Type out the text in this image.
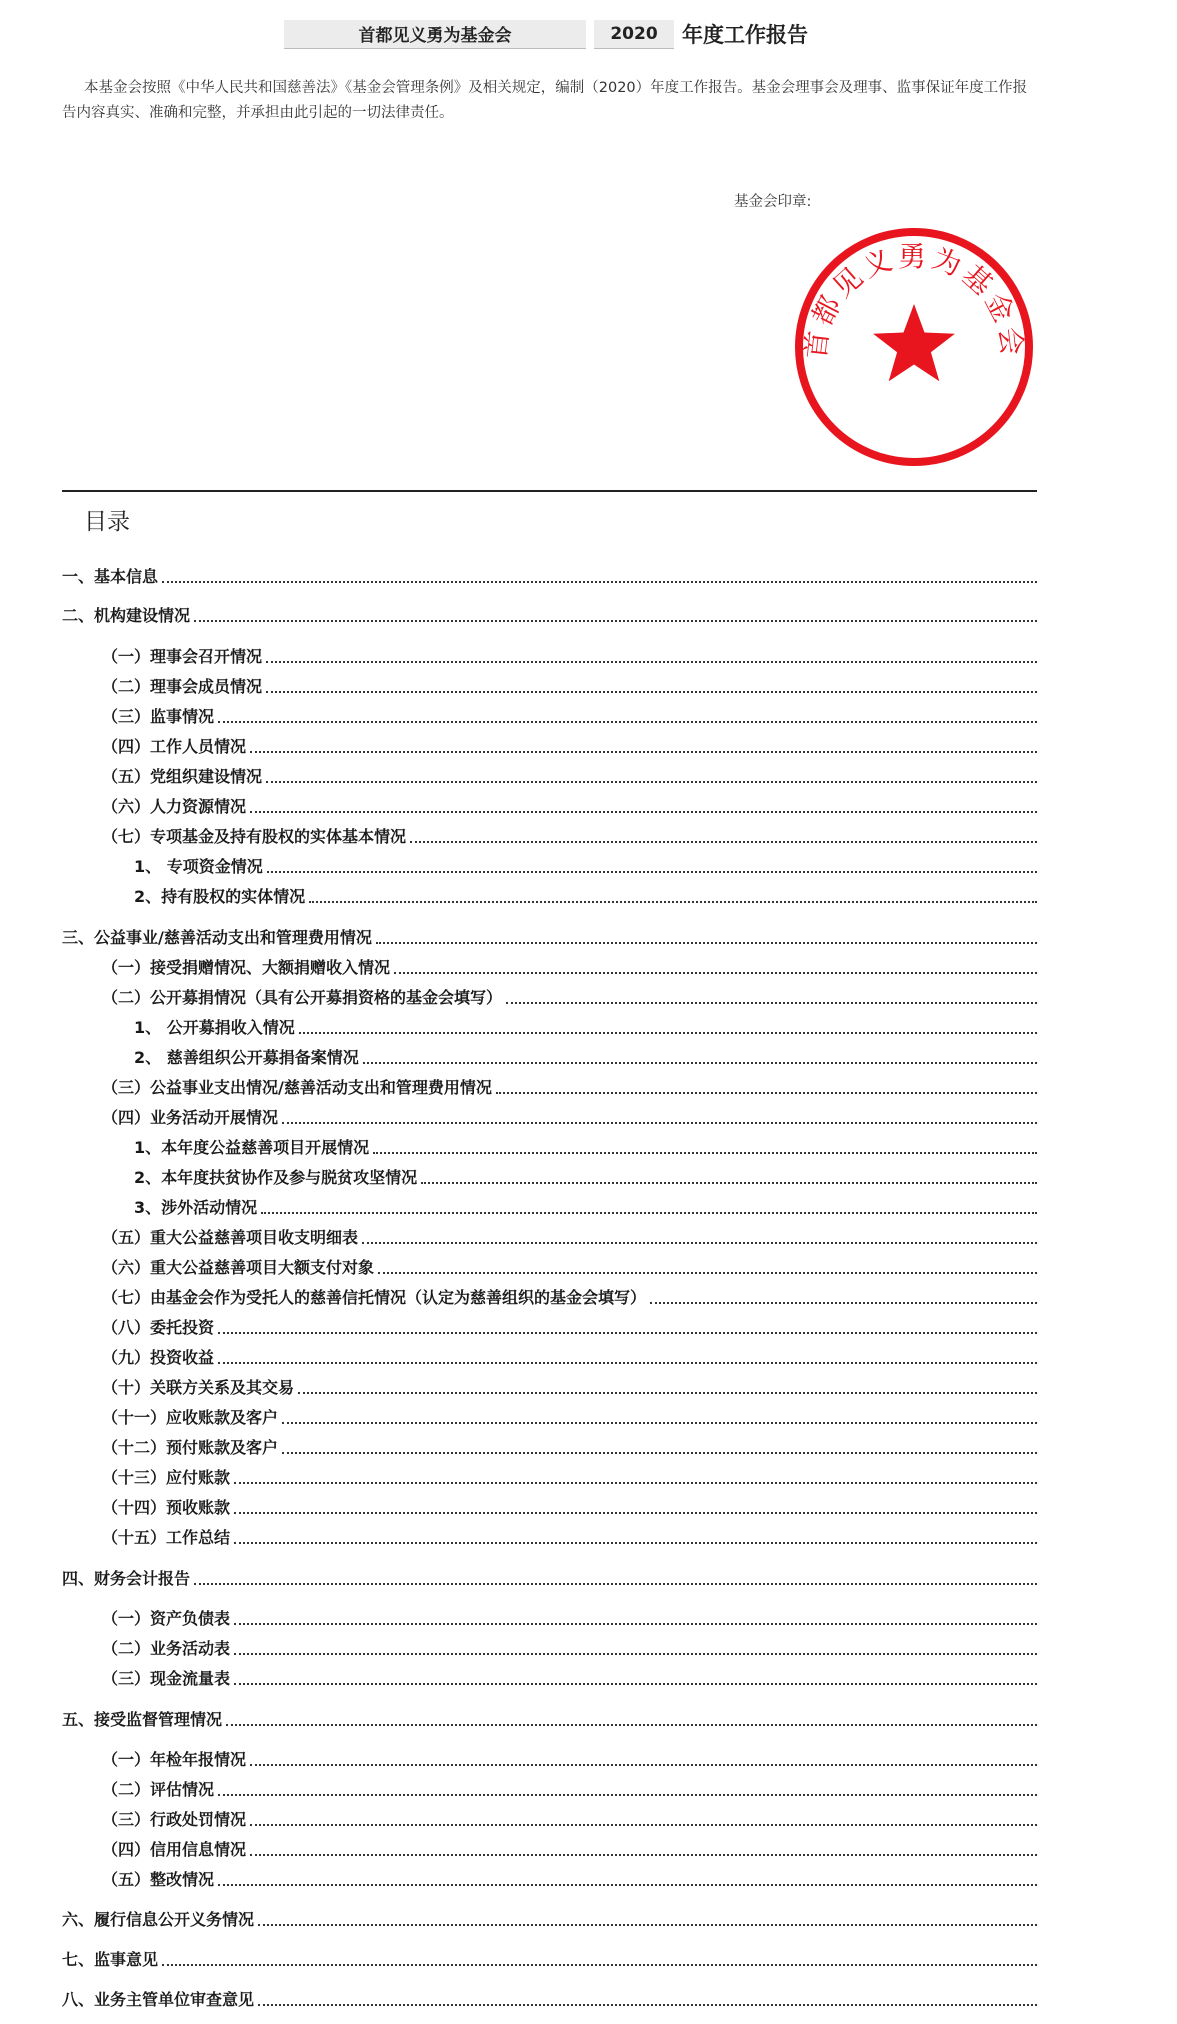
首都见义勇为基金会	2020	年度工作报告
本基金会按照《中华人民共和国慈善法》《基金会管理条例》及相关规定，编制（2020）年度工作报告。基金会理事会及理事、监事保证年度工作报告内容真实、准确和完整，并承担由此引起的一切法律责任。
基金会印章:
首都见义勇为基金会
目录
一、基本信息
二、机构建设情况
（一）理事会召开情况
（二）理事会成员情况
（三）监事情况
（四）工作人员情况
（五）党组织建设情况
（六）人力资源情况
（七）专项基金及持有股权的实体基本情况
1、 专项资金情况
2、持有股权的实体情况
三、公益事业/慈善活动支出和管理费用情况
（一）接受捐赠情况、大额捐赠收入情况
（二）公开募捐情况（具有公开募捐资格的基金会填写）
1、 公开募捐收入情况
2、 慈善组织公开募捐备案情况
（三）公益事业支出情况/慈善活动支出和管理费用情况
（四）业务活动开展情况
1、本年度公益慈善项目开展情况
2、本年度扶贫协作及参与脱贫攻坚情况
3、涉外活动情况
（五）重大公益慈善项目收支明细表
（六）重大公益慈善项目大额支付对象
（七）由基金会作为受托人的慈善信托情况（认定为慈善组织的基金会填写）
（八）委托投资
（九）投资收益
（十）关联方关系及其交易
（十一）应收账款及客户
（十二）预付账款及客户
（十三）应付账款
（十四）预收账款
（十五）工作总结
四、财务会计报告
（一）资产负债表
（二）业务活动表
（三）现金流量表
五、接受监督管理情况
（一）年检年报情况
（二）评估情况
（三）行政处罚情况
（四）信用信息情况
（五）整改情况
六、履行信息公开义务情况
七、监事意见
八、业务主管单位审查意见
